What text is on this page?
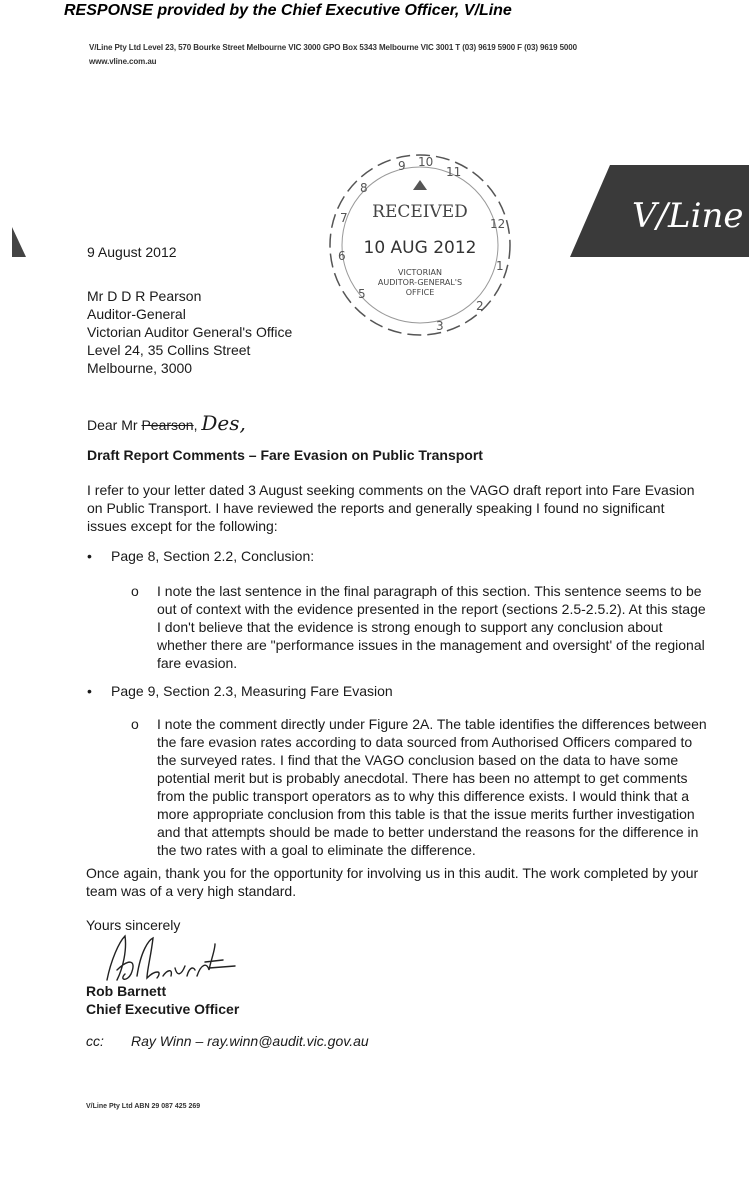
RESPONSE provided by the Chief Executive Officer, V/Line
V/Line Pty Ltd Level 23, 570 Bourke Street Melbourne VIC 3000 GPO Box 5343 Melbourne VIC 3001 T (03) 9619 5900 F (03) 9619 5000
www.vline.com.au
V/Line
9 10
11
12
1
2
3
5
6
7
8
RECEIVED
10 AUG 2012
VICTORIAN
AUDITOR-GENERAL'S
OFFICE
9 August 2012
Mr D D R Pearson
Auditor-General
Victorian Auditor General's Office
Level 24, 35 Collins Street
Melbourne, 3000
Dear Mr Pearson, Des,
Draft Report Comments – Fare Evasion on Public Transport
I refer to your letter dated 3 August seeking comments on the VAGO draft report into Fare Evasion on Public Transport. I have reviewed the reports and generally speaking I found no significant issues except for the following:
• Page 8, Section 2.2, Conclusion:
o	I note the last sentence in the final paragraph of this section. This sentence seems to be out of context with the evidence presented in the report (sections 2.5-2.5.2). At this stage I don't believe that the evidence is strong enough to support any conclusion about whether there are "performance issues in the management and oversight' of the regional fare evasion.
• Page 9, Section 2.3, Measuring Fare Evasion
o	I note the comment directly under Figure 2A. The table identifies the differences between the fare evasion rates according to data sourced from Authorised Officers compared to the surveyed rates. I find that the VAGO conclusion based on the data to have some potential merit but is probably anecdotal. There has been no attempt to get comments from the public transport operators as to why this difference exists. I would think that a more appropriate conclusion from this table is that the issue merits further investigation and that attempts should be made to better understand the reasons for the difference in the two rates with a goal to eliminate the difference.
Once again, thank you for the opportunity for involving us in this audit. The work completed by your team was of a very high standard.
Yours sincerely
Rob Barnett
Chief Executive Officer
cc: Ray Winn – ray.winn@audit.vic.gov.au
V/Line Pty Ltd ABN 29 087 425 269
